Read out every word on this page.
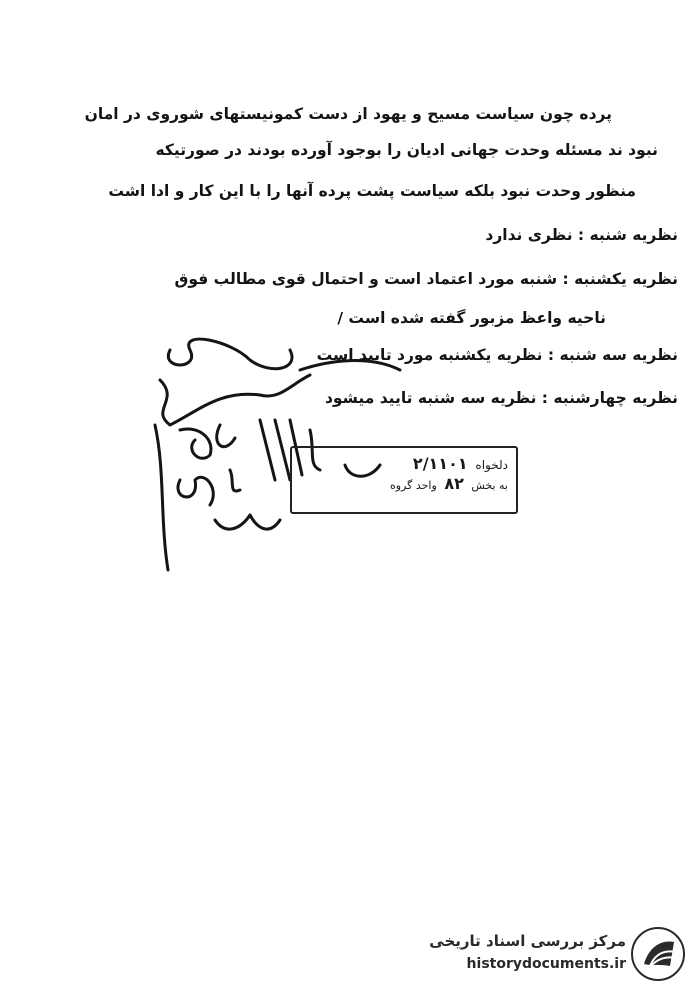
پرده چون سیاست مسیح و یهود از دست کمونیستهای شوروی در امان
نبود ند مسئله وحدت جهانی ادیان را بوجود آورده بودند در صورتیکه
منظور وحدت نبود بلکه سیاست پشت پرده آنها را با این کار و ادا اشت
نظریه شنبه : نظری ندارد
نظریه یکشنبه : شنبه مورد اعتماد است و احتمال قوی مطالب فوق
ناحیه واعظ مزبور گفته شده است /
نظریه سه شنبه : نظریه یکشنبه مورد تایید است
نظریه چهارشنبه : نظریه سه شنبه تایید میشود
دلخواه ۲/۱۱۰۱
به بخش ۸۲ واحد گروه
مرکز بررسی اسناد تاریخی
historydocuments.ir
